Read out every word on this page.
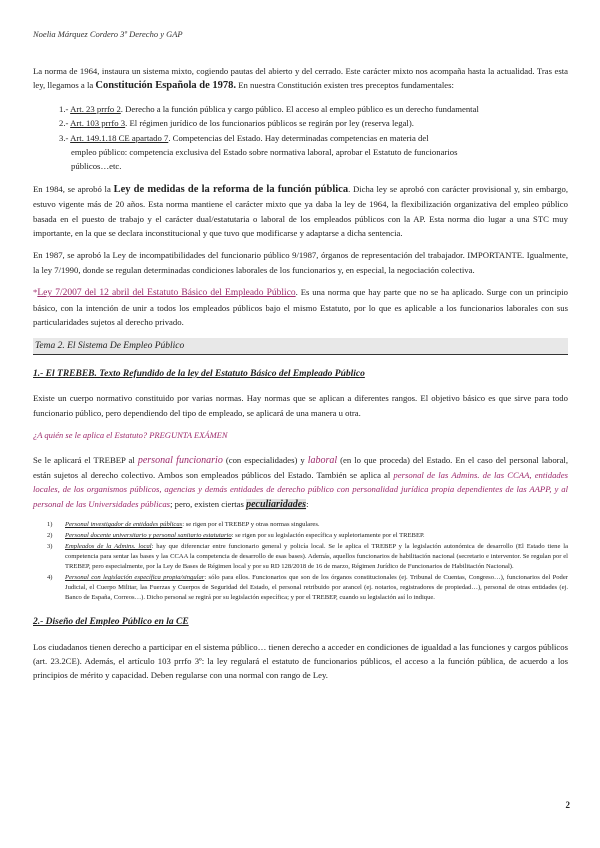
Noelia Márquez Cordero 3º Derecho y GAP

La norma de 1964, instaura un sistema mixto, cogiendo pautas del abierto y del cerrado. Este carácter mixto nos acompaña hasta la actualidad. Tras esta ley, llegamos a la Constitución Española de 1978. En nuestra Constitución existen tres preceptos fundamentales:

1.- Art. 23 prrfo 2. Derecho a la función pública y cargo público. El acceso al empleo público es un derecho fundamental
2.- Art. 103 prrfo 3. El régimen jurídico de los funcionarios públicos se regirán por ley (reserva legal).
3.- Art. 149.1.18 CE apartado 7. Competencias del Estado. Hay determinadas competencias en materia del
empleo público: competencia exclusiva del Estado sobre normativa laboral, aprobar el Estatuto de funcionarios
públicos…etc.

En 1984, se aprobó la Ley de medidas de la reforma de la función pública. Dicha ley se aprobó con carácter provisional y, sin embargo, estuvo vigente más de 20 años. Esta norma mantiene el carácter mixto que ya daba la ley de 1964, la flexibilización organizativa del empleo público basada en el puesto de trabajo y el carácter dual/estatutaria o laboral de los empleados públicos con la AP. Esta norma dio lugar a una STC muy importante, en la que se declara inconstitucional y que tuvo que modificarse y adaptarse a dicha sentencia.

En 1987, se aprobó la Ley de incompatibilidades del funcionario público 9/1987, órganos de representación del trabajador. IMPORTANTE. Igualmente, la ley 7/1990, donde se regulan determinadas condiciones laborales de los funcionarios y, en especial, la negociación colectiva.

*Ley 7/2007 del 12 abril del Estatuto Básico del Empleado Público. Es una norma que hay parte que no se ha aplicado. Surge con un principio básico, con la intención de unir a todos los empleados públicos bajo el mismo Estatuto, por lo que es aplicable a los funcionarios laborales con sus particularidades sujetos al derecho privado.

Tema 2. El Sistema De Empleo Público
1.- El TREBEB. Texto Refundido de la ley del Estatuto Básico del Empleado Público

Existe un cuerpo normativo constituido por varias normas. Hay normas que se aplican a diferentes rangos. El objetivo básico es que sirve para todo funcionario público, pero dependiendo del tipo de empleado, se aplicará de una manera u otra.

¿A quién se le aplica el Estatuto? PREGUNTA EXÁMEN

Se le aplicará el TREBEP al personal funcionario (con especialidades) y laboral (en lo que proceda) del Estado. En el caso del personal laboral, están sujetos al derecho colectivo. Ambos son empleados públicos del Estado. También se aplica al personal de las Admins. de las CCAA, entidades locales, de los organismos públicos, agencias y demás entidades de derecho público con personalidad jurídica propia dependientes de las AAPP, y al personal de las Universidades públicas; pero, existen ciertas peculiaridades:

1)	Personal investigador de entidades públicas: se rigen por el TREBEP y otras normas singulares.
2)	Personal docente universitario y personal sanitario estatutario: se rigen por su legislación específica y supletoriamente por el TREBEP.
3)	Empleados de la Admins. local: hay que diferenciar entre funcionario general y policía local. Se le aplica el TREBEP y la legislación autonómica de desarrollo (El Estado tiene la competencia para sentar las bases y las CCAA la competencia de desarrollo de esas bases). Además, aquellos funcionarios de habilitación nacional (secretario e interventor. Se regulan por el TREBEP, pero especialmente, por la Ley de Bases de Régimen local y por su RD 128/2018 de 16 de marzo, Régimen Jurídico de Funcionarios de Habilitación Nacional).
4)	Personal con legislación específica propia/singular: sólo para ellos. Funcionarios que son de los órganos constitucionales (ej. Tribunal de Cuentas, Congreso…), funcionarios del Poder Judicial, el Cuerpo Militar, las Fuerzas y Cuerpos de Seguridad del Estado, el personal retribuido por arancel (ej. notarios, registradores de propiedad…), personal de otras entidades (ej. Banco de España, Correos…). Dicho personal se regirá por su legislación específica; y por el TREBEP, cuando su legislación así lo indique.
2.- Diseño del Empleo Público en la CE

Los ciudadanos tienen derecho a participar en el sistema público… tienen derecho a acceder en condiciones de igualdad a las funciones y cargos públicos (art. 23.2CE). Además, el artículo 103 prrfo 3º: la ley regulará el estatuto de funcionarios públicos, el acceso a la función pública, de acuerdo a los principios de mérito y capacidad. Deben regularse con una normal con rango de Ley.

2
